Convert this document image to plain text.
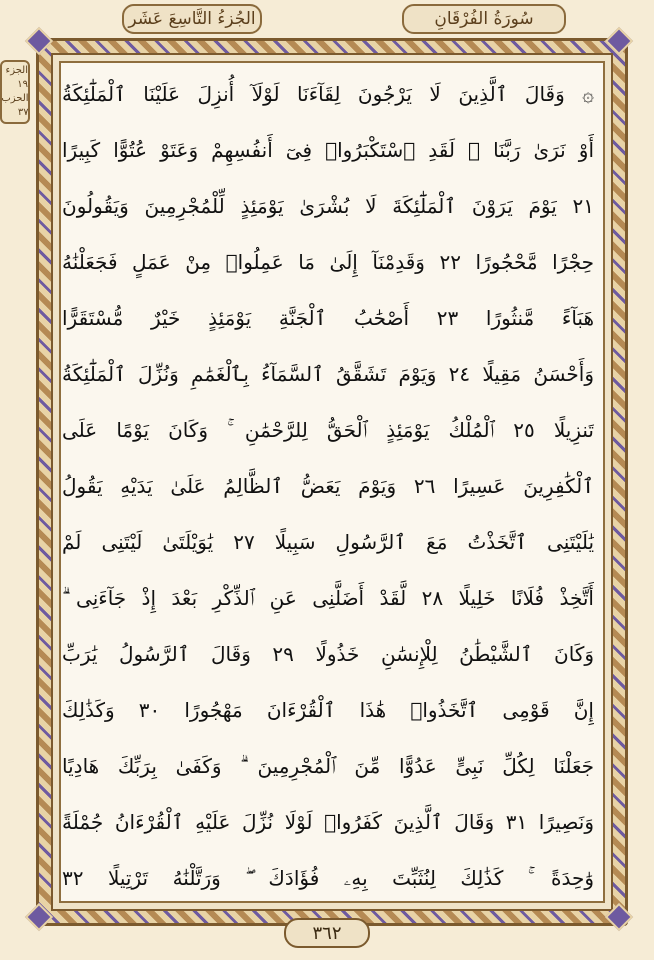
الجُزءُ التَّاسِعَ عَشَر	سُورَةُ الفُرْقَانِ
الجزء ١٩
الحزب ٣٧
۞ وَقَالَ ٱلَّذِينَ لَا يَرْجُونَ لِقَآءَنَا لَوْلَآ أُنزِلَ عَلَيْنَا ٱلْمَلَٰٓئِكَةُ
أَوْ نَرَىٰ رَبَّنَا ۗ لَقَدِ ٱسْتَكْبَرُوا۟ فِىٓ أَنفُسِهِمْ وَعَتَوْ عُتُوًّا كَبِيرًا
٢١ يَوْمَ يَرَوْنَ ٱلْمَلَٰٓئِكَةَ لَا بُشْرَىٰ يَوْمَئِذٍ لِّلْمُجْرِمِينَ وَيَقُولُونَ
حِجْرًا مَّحْجُورًا ٢٢ وَقَدِمْنَآ إِلَىٰ مَا عَمِلُوا۟ مِنْ عَمَلٍ فَجَعَلْنَٰهُ
هَبَآءً مَّنثُورًا ٢٣ أَصْحَٰبُ ٱلْجَنَّةِ يَوْمَئِذٍ خَيْرٌ مُّسْتَقَرًّا
وَأَحْسَنُ مَقِيلًا ٢٤ وَيَوْمَ تَشَقَّقُ ٱلسَّمَآءُ بِٱلْغَمَٰمِ وَنُزِّلَ ٱلْمَلَٰٓئِكَةُ
تَنزِيلًا ٢٥ ٱلْمُلْكُ يَوْمَئِذٍ ٱلْحَقُّ لِلرَّحْمَٰنِ ۚ وَكَانَ يَوْمًا عَلَى
ٱلْكَٰفِرِينَ عَسِيرًا ٢٦ وَيَوْمَ يَعَضُّ ٱلظَّالِمُ عَلَىٰ يَدَيْهِ يَقُولُ
يَٰلَيْتَنِى ٱتَّخَذْتُ مَعَ ٱلرَّسُولِ سَبِيلًا ٢٧ يَٰوَيْلَتَىٰ لَيْتَنِى لَمْ
أَتَّخِذْ فُلَانًا خَلِيلًا ٢٨ لَّقَدْ أَضَلَّنِى عَنِ ٱلذِّكْرِ بَعْدَ إِذْ جَآءَنِى ۗ
وَكَانَ ٱلشَّيْطَٰنُ لِلْإِنسَٰنِ خَذُولًا ٢٩ وَقَالَ ٱلرَّسُولُ يَٰرَبِّ
إِنَّ قَوْمِى ٱتَّخَذُوا۟ هَٰذَا ٱلْقُرْءَانَ مَهْجُورًا ٣٠ وَكَذَٰلِكَ
جَعَلْنَا لِكُلِّ نَبِىٍّ عَدُوًّا مِّنَ ٱلْمُجْرِمِينَ ۗ وَكَفَىٰ بِرَبِّكَ هَادِيًا
وَنَصِيرًا ٣١ وَقَالَ ٱلَّذِينَ كَفَرُوا۟ لَوْلَا نُزِّلَ عَلَيْهِ ٱلْقُرْءَانُ جُمْلَةً
وَٰحِدَةً ۚ كَذَٰلِكَ لِنُثَبِّتَ بِهِۦ فُؤَادَكَ ۖ وَرَتَّلْنَٰهُ تَرْتِيلًا ٣٢
٣٦٢
